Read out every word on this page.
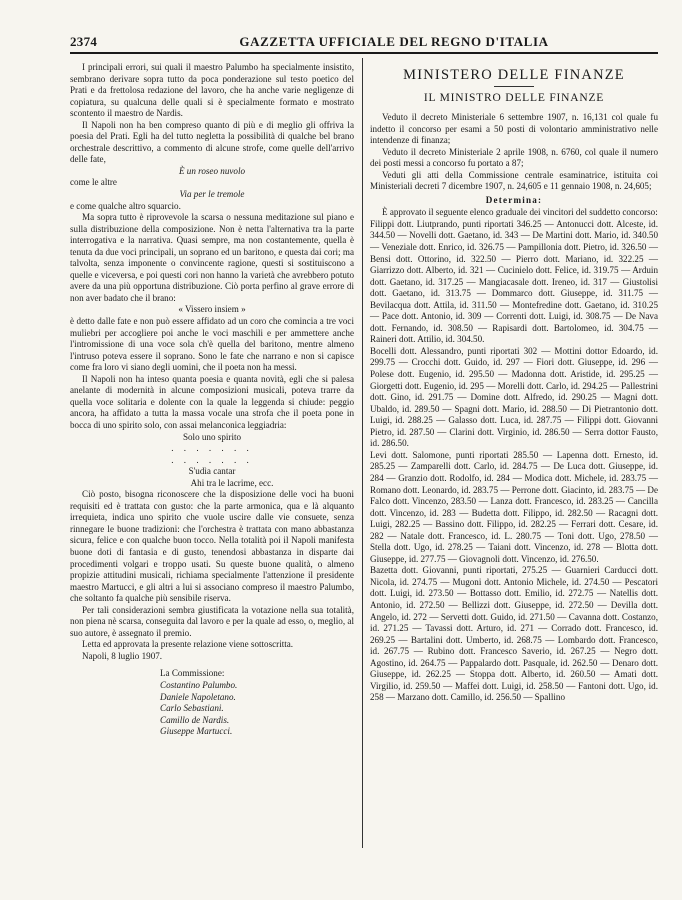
2374	GAZZETTA UFFICIALE DEL REGNO D'ITALIA

I principali errori, sui quali il maestro Palumbo ha specialmente insistito, sembrano derivare sopra tutto da poca ponderazione sul testo poetico del Prati e da frettolosa redazione del lavoro, che ha anche varie negligenze di copiatura, su qualcuna delle quali si è specialmente formato e mostrato scontento il maestro de Nardis.

Il Napoli non ha ben compreso quanto di più e di meglio gli offriva la poesia del Prati. Egli ha del tutto negletta la possibilità di qualche bel brano orchestrale descrittivo, a commento di alcune strofe, come quelle dell'arrivo delle fate,

È un roseo nuvolo

come le altre

Via per le tremole

e come qualche altro squarcio.

Ma sopra tutto è riprovevole la scarsa o nessuna meditazione sul piano e sulla distribuzione della composizione. Non è netta l'alternativa tra la parte interrogativa e la narrativa. Quasi sempre, ma non costantemente, quella è tenuta da due voci principali, un soprano ed un baritono, e questa dai cori; ma talvolta, senza imponente o convincente ragione, questi si sostituiscono a quelle e viceversa, e poi questi cori non hanno la varietà che avrebbero potuto avere da una più opportuna distribuzione. Ciò porta perfino al grave errore di non aver badato che il brano:

« Vissero insiem »

è detto dalle fate e non può essere affidato ad un coro che comincia a tre voci muliebri per accogliere poi anche le voci maschili e per ammettere anche l'intromissione di una voce sola ch'è quella del baritono, mentre almeno l'intruso poteva essere il soprano. Sono le fate che narrano e non si capisce come fra loro vi siano degli uomini, che il poeta non ha messi.

Il Napoli non ha inteso quanta poesia e quanta novità, egli che si palesa anelante di modernità in alcune composizioni musicali, poteva trarre da quella voce solitaria e dolente con la quale la leggenda si chiude: peggio ancora, ha affidato a tutta la massa vocale una strofa che il poeta pone in bocca di uno spirito solo, con assai melanconica leggiadria:

Solo uno spirito

. . . . . . .

. . . . . . .

S'udìa cantar

Ahi tra le lacrime, ecc.

Ciò posto, bisogna riconoscere che la disposizione delle voci ha buoni requisiti ed è trattata con gusto: che la parte armonica, qua e là alquanto irrequieta, indica uno spirito che vuole uscire dalle vie consuete, senza rinnegare le buone tradizioni: che l'orchestra è trattata con mano abbastanza sicura, felice e con qualche buon tocco. Nella totalità poi il Napoli manifesta buone doti di fantasia e di gusto, tenendosi abbastanza in disparte dai procedimenti volgari e troppo usati. Su queste buone qualità, o almeno propizie attitudini musicali, richiama specialmente l'attenzione il presidente maestro Martucci, e gli altri a lui si associano compreso il maestro Palumbo, che soltanto fa qualche più sensibile riserva.

Per tali considerazioni sembra giustificata la votazione nella sua totalità, non piena nè scarsa, conseguita dal lavoro e per la quale ad esso, o, meglio, al suo autore, è assegnato il premio.

Letta ed approvata la presente relazione viene sottoscritta.

Napoli, 8 luglio 1907.

La Commissione:
Costantino Palumbo.
Daniele Napoletano.
Carlo Sebastiani.
Camillo de Nardis.
Giuseppe Martucci.
MINISTERO DELLE FINANZE
IL MINISTRO DELLE FINANZE

Veduto il decreto Ministeriale 6 settembre 1907, n. 16,131 col quale fu indetto il concorso per esami a 50 posti di volontario amministrativo nelle intendenze di finanza;

Veduto il decreto Ministeriale 2 aprile 1908, n. 6760, col quale il numero dei posti messi a concorso fu portato a 87;

Veduti gli atti della Commissione centrale esaminatrice, istituita coi Ministeriali decreti 7 dicembre 1907, n. 24,605 e 11 gennaio 1908, n. 24,605;

Determina:

È approvato il seguente elenco graduale dei vincitori del suddetto concorso:

Filippi dott. Liutprando, punti riportati 346.25 — Antonucci dott. Alceste, id. 344.50 — Novelli dott. Gaetano, id. 343 — De Martini dott. Mario, id. 340.50 — Veneziale dott. Enrico, id. 326.75 — Pampillonia dott. Pietro, id. 326.50 — Bensi dott. Ottorino, id. 322.50 — Pierro dott. Mariano, id. 322.25 — Giarrizzo dott. Alberto, id. 321 — Cucinielo dott. Felice, id. 319.75 — Arduin dott. Gaetano, id. 317.25 — Mangiacasale dott. Ireneo, id. 317 — Giustolisi dott. Gaetano, id. 313.75 — Dommarco dott. Giuseppe, id. 311.75 — Bevilacqua dott. Attila, id. 311.50 — Montefredine dott. Gaetano, id. 310.25 — Pace dott. Antonio, id. 309 — Correnti dott. Luigi, id. 308.75 — De Nava dott. Fernando, id. 308.50 — Rapisardi dott. Bartolomeo, id. 304.75 — Raineri dott. Attilio, id. 304.50.

Bocelli dott. Alessandro, punti riportati 302 — Mottini dottor Edoardo, id. 299.75 — Crocchi dott. Guido, id. 297 — Fiori dott. Giuseppe, id. 296 — Polese dott. Eugenio, id. 295.50 — Madonna dott. Aristide, id. 295.25 — Giorgetti dott. Eugenio, id. 295 — Morelli dott. Carlo, id. 294.25 — Pallestrini dott. Gino, id. 291.75 — Domine dott. Alfredo, id. 290.25 — Magni dott. Ubaldo, id. 289.50 — Spagni dott. Mario, id. 288.50 — Di Pietrantonio dott. Luigi, id. 288.25 — Galasso dott. Luca, id. 287.75 — Filippi dott. Giovanni Pietro, id. 287.50 — Clarini dott. Virginio, id. 286.50 — Serra dottor Fausto, id. 286.50.

Levi dott. Salomone, punti riportati 285.50 — Lapenna dott. Ernesto, id. 285.25 — Zamparelli dott. Carlo, id. 284.75 — De Luca dott. Giuseppe, id. 284 — Granzio dott. Rodolfo, id. 284 — Modica dott. Michele, id. 283.75 — Romano dott. Leonardo, id. 283.75 — Perrone dott. Giacinto, id. 283.75 — De Falco dott. Vincenzo, 283.50 — Lanza dott. Francesco, id. 283.25 — Cancilla dott. Vincenzo, id. 283 — Budetta dott. Filippo, id. 282.50 — Racagni dott. Luigi, 282.25 — Bassino dott. Filippo, id. 282.25 — Ferrari dott. Cesare, id. 282 — Natale dott. Francesco, id. L. 280.75 — Toni dott. Ugo, 278.50 — Stella dott. Ugo, id. 278.25 — Taiani dott. Vincenzo, id. 278 — Blotta dott. Giuseppe, id. 277.75 — Giovagnoli dott. Vincenzo, id. 276.50.

Bazetta dott. Giovanni, punti riportati, 275.25 — Guarnieri Carducci dott. Nicola, id. 274.75 — Mugoni dott. Antonio Michele, id. 274.50 — Pescatori dott. Luigi, id. 273.50 — Bottasso dott. Emilio, id. 272.75 — Natellis dott. Antonio, id. 272.50 — Bellizzi dott. Giuseppe, id. 272.50 — Devilla dott. Angelo, id. 272 — Servetti dott. Guido, id. 271.50 — Cavanna dott. Costanzo, id. 271.25 — Tavassi dott. Arturo, id. 271 — Corrado dott. Francesco, id. 269.25 — Bartalini dott. Umberto, id. 268.75 — Lombardo dott. Francesco, id. 267.75 — Rubino dott. Francesco Saverio, id. 267.25 — Negro dott. Agostino, id. 264.75 — Pappalardo dott. Pasquale, id. 262.50 — Denaro dott. Giuseppe, id. 262.25 — Stoppa dott. Alberto, id. 260.50 — Amati dott. Virgilio, id. 259.50 — Maffei dott. Luigi, id. 258.50 — Fantoni dott. Ugo, id. 258 — Marzano dott. Camillo, id. 256.50 — Spallino
